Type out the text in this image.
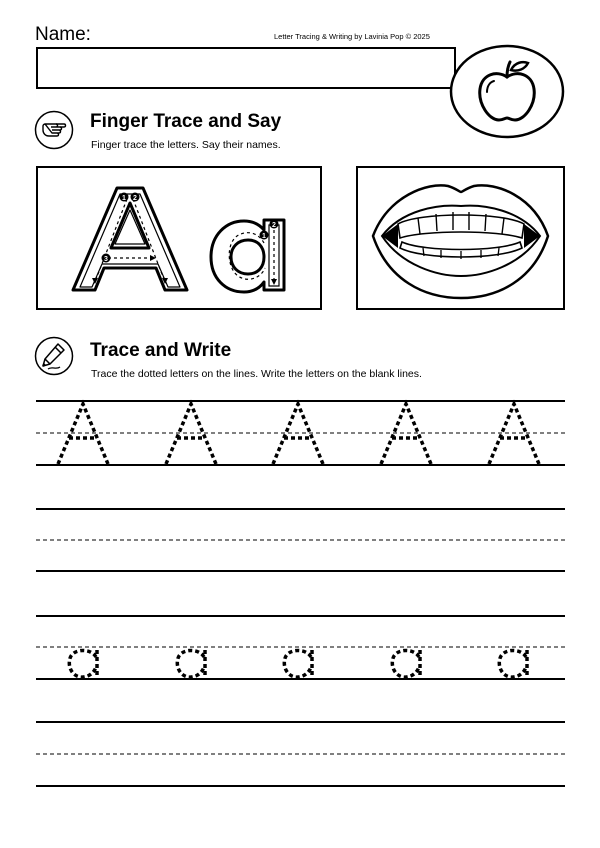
Name:	Letter Tracing & Writing by Lavinia Pop © 2025
Finger Trace and Say
Finger trace the letters. Say their names.
1 2
3
1
2
Trace and Write
Trace the dotted letters on the lines. Write the letters on the blank lines.
A	A	A	A	A
a	a	a	a	a
